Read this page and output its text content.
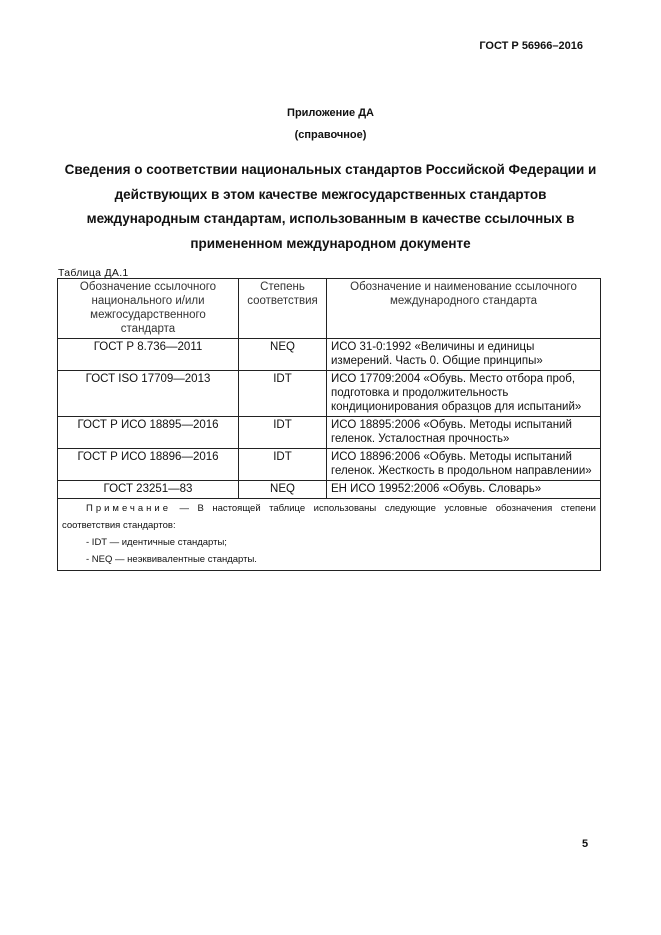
ГОСТ Р 56966–2016
Приложение ДА
(справочное)
Сведения о соответствии национальных стандартов Российской Федерации и действующих в этом качестве межгосударственных стандартов международным стандартам, использованным в качестве ссылочных в примененном международном документе
Таблица ДА.1
Обозначение ссылочного национального и/или межгосударственного стандарта	Степень соответствия	Обозначение и наименование ссылочного международного стандарта
ГОСТ Р 8.736—2011	NEQ	ИСО 31-0:1992 «Величины и единицы измерений. Часть 0. Общие принципы»
ГОСТ ISO 17709—2013	IDT	ИСО 17709:2004 «Обувь. Место отбора проб, подготовка и продолжительность кондиционирования образцов для испытаний»
ГОСТ Р ИСО 18895—2016	IDT	ИСО 18895:2006 «Обувь. Методы испытаний геленок. Усталостная прочность»
ГОСТ Р ИСО 18896—2016	IDT	ИСО 18896:2006 «Обувь. Методы испытаний геленок. Жесткость в продольном направлении»
ГОСТ 23251—83	NEQ	ЕН ИСО 19952:2006 «Обувь. Словарь»

Примечание — В настоящей таблице использованы следующие условные обозначения степени соответствия стандартов:
- IDT — идентичные стандарты;
- NEQ — неэквивалентные стандарты.		
5
